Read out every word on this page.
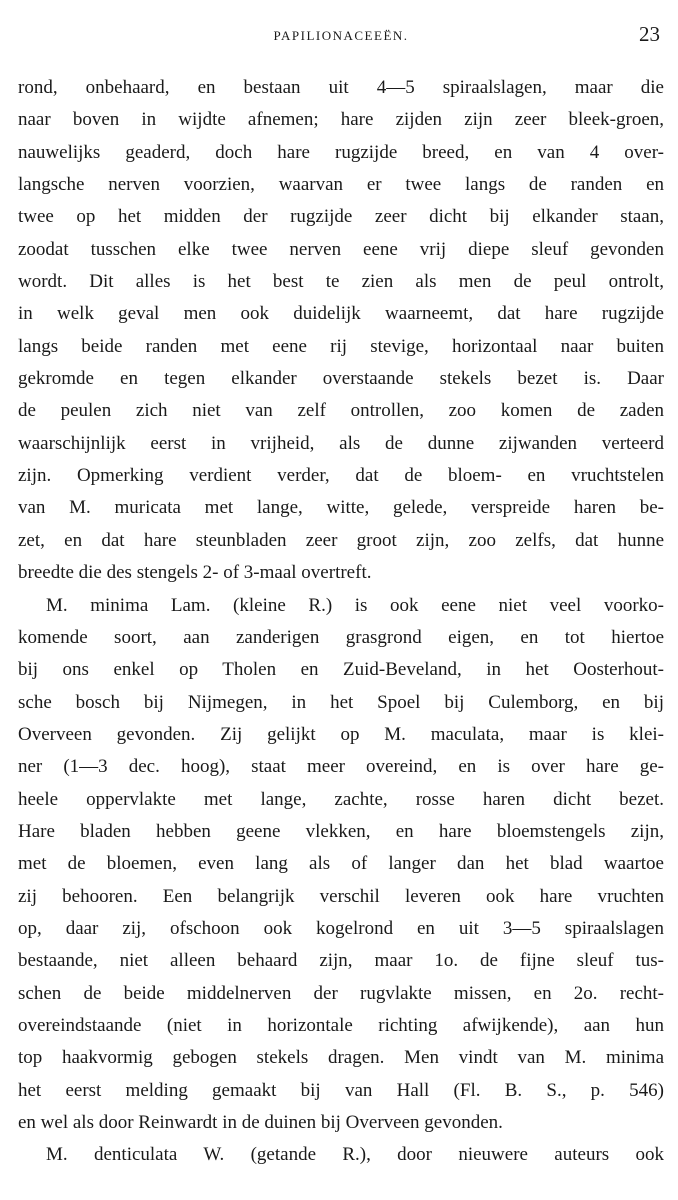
PAPILIONACEEËN.	23
rond, onbehaard, en bestaan uit 4—5 spiraalslagen, maar die
naar boven in wijdte afnemen; hare zijden zijn zeer bleek-groen,
nauwelijks geaderd, doch hare rugzijde breed, en van 4 over-
langsche nerven voorzien, waarvan er twee langs de randen en
twee op het midden der rugzijde zeer dicht bij elkander staan,
zoodat tusschen elke twee nerven eene vrij diepe sleuf gevonden
wordt. Dit alles is het best te zien als men de peul ontrolt,
in welk geval men ook duidelijk waarneemt, dat hare rugzijde
langs beide randen met eene rij stevige, horizontaal naar buiten
gekromde en tegen elkander overstaande stekels bezet is. Daar
de peulen zich niet van zelf ontrollen, zoo komen de zaden
waarschijnlijk eerst in vrijheid, als de dunne zijwanden verteerd
zijn. Opmerking verdient verder, dat de bloem- en vruchtstelen
van M. muricata met lange, witte, gelede, verspreide haren be-
zet, en dat hare steunbladen zeer groot zijn, zoo zelfs, dat hunne
breedte die des stengels 2- of 3-maal overtreft.
M. minima Lam. (kleine R.) is ook eene niet veel voorko-
komende soort, aan zanderigen grasgrond eigen, en tot hiertoe
bij ons enkel op Tholen en Zuid-Beveland, in het Oosterhout-
sche bosch bij Nijmegen, in het Spoel bij Culemborg, en bij
Overveen gevonden. Zij gelijkt op M. maculata, maar is klei-
ner (1—3 dec. hoog), staat meer overeind, en is over hare ge-
heele oppervlakte met lange, zachte, rosse haren dicht bezet.
Hare bladen hebben geene vlekken, en hare bloemstengels zijn,
met de bloemen, even lang als of langer dan het blad waartoe
zij behooren. Een belangrijk verschil leveren ook hare vruchten
op, daar zij, ofschoon ook kogelrond en uit 3—5 spiraalslagen
bestaande, niet alleen behaard zijn, maar 1o. de fijne sleuf tus-
schen de beide middelnerven der rugvlakte missen, en 2o. recht-
overeindstaande (niet in horizontale richting afwijkende), aan hun
top haakvormig gebogen stekels dragen. Men vindt van M. minima
het eerst melding gemaakt bij van Hall (Fl. B. S., p. 546)
en wel als door Reinwardt in de duinen bij Overveen gevonden.
M. denticulata W. (getande R.), door nieuwere auteurs ook
